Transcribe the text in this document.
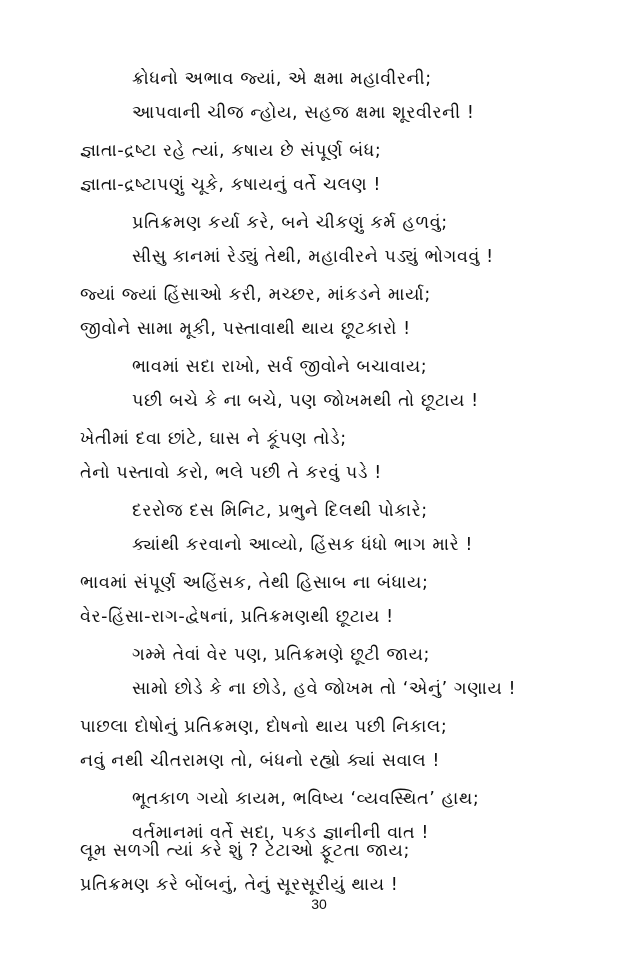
ક્રોધનો અભાવ જ્યાં, એ ક્ષમા મહાવીરની;
આપવાની ચીજ ન્હોય, સહજ ક્ષમા શૂરવીરની !
જ્ઞાતા-દ્રષ્ટા રહે ત્યાં, કષાય છે સંપૂર્ણ બંધ;
જ્ઞાતા-દ્રષ્ટાપણું ચૂકે, કષાયનું વર્તે ચલણ !
પ્રતિક્રમણ કર્યા કરે, બને ચીકણું કર્મ હળવું;
સીસુ કાનમાં રેડ્યું તેથી, મહાવીરને પડ્યું ભોગવવું !
જ્યાં જ્યાં હિંસાઓ કરી, મચ્છર, માંકડને માર્યા;
જીવોને સામા મૂકી, પસ્તાવાથી થાય છૂટકારો !
ભાવમાં સદા રાખો, સર્વ જીવોને બચાવાય;
પછી બચે કે ના બચે, પણ જોખમથી તો છૂટાય !
ખેતીમાં દવા છાંટે, ઘાસ ને કૂંપણ તોડે;
તેનો પસ્તાવો કરો, ભલે પછી તે કરવું પડે !
દરરોજ દસ મિનિટ, પ્રભુને દિલથી પોકારે;
ક્યાંથી કરવાનો આવ્યો, હિંસક ધંધો ભાગ મારે !
ભાવમાં સંપૂર્ણ અહિંસક, તેથી હિસાબ ના બંધાય;
વેર-હિંસા-રાગ-દ્વેષનાં, પ્રતિક્રમણથી છૂટાય !
ગમ્મે તેવાં વેર પણ, પ્રતિક્રમણે છૂટી જાય;
સામો છોડે કે ના છોડે, હવે જોખમ તો ‘એનું’ ગણાય !
પાછલા દોષોનું પ્રતિક્રમણ, દોષનો થાય પછી નિકાલ;
નવું નથી ચીતરામણ તો, બંધનો રહ્યો ક્યાં સવાલ !
ભૂતકાળ ગયો કાયમ, ભવિષ્ય ‘વ્યવસ્થિત’ હાથ;
વર્તમાનમાં વર્તે સદા, પકડ જ્ઞાનીની વાત !
લૂમ સળગી ત્યાં કરે શું ? ટેટાઓ ફૂટતા જાય;
પ્રતિક્રમણ કરે બોંબનું, તેનું સૂરસૂરીયું થાય !
30
